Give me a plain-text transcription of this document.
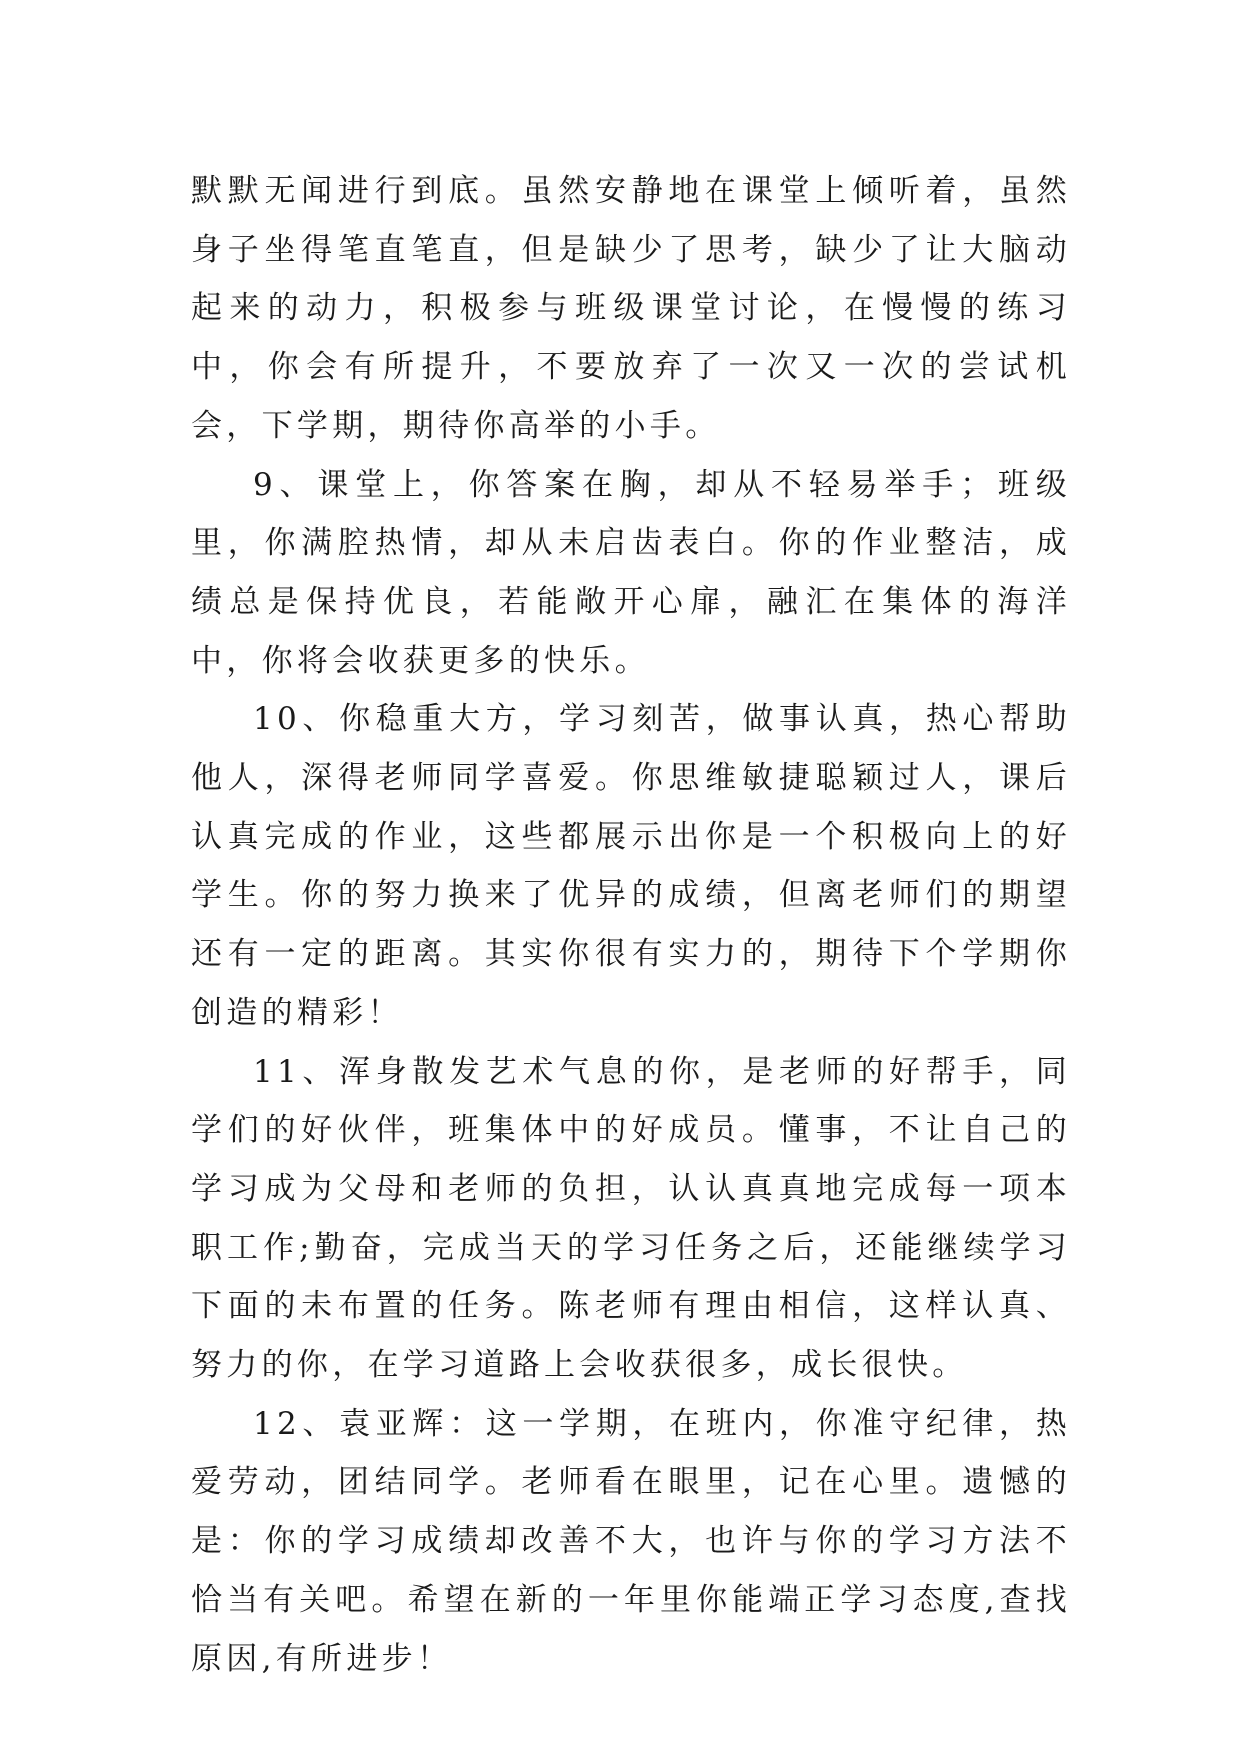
默默无闻进行到底。虽然安静地在课堂上倾听着，虽然身子坐得笔直笔直，但是缺少了思考，缺少了让大脑动起来的动力，积极参与班级课堂讨论，在慢慢的练习中，你会有所提升，不要放弃了一次又一次的尝试机会，下学期，期待你高举的小手。

9、课堂上，你答案在胸，却从不轻易举手；班级里，你满腔热情，却从未启齿表白。你的作业整洁，成绩总是保持优良，若能敞开心扉，融汇在集体的海洋中，你将会收获更多的快乐。

10、你稳重大方，学习刻苦，做事认真，热心帮助他人，深得老师同学喜爱。你思维敏捷聪颖过人，课后认真完成的作业，这些都展示出你是一个积极向上的好学生。你的努力换来了优异的成绩，但离老师们的期望还有一定的距离。其实你很有实力的，期待下个学期你创造的精彩！

11、浑身散发艺术气息的你，是老师的好帮手，同学们的好伙伴，班集体中的好成员。懂事，不让自己的学习成为父母和老师的负担，认认真真地完成每一项本职工作;勤奋，完成当天的学习任务之后，还能继续学习下面的未布置的任务。陈老师有理由相信，这样认真、努力的你，在学习道路上会收获很多，成长很快。

12、袁亚辉：这一学期，在班内，你准守纪律，热爱劳动，团结同学。老师看在眼里，记在心里。遗憾的是：你的学习成绩却改善不大，也许与你的学习方法不恰当有关吧。希望在新的一年里你能端正学习态度,查找原因,有所进步！
